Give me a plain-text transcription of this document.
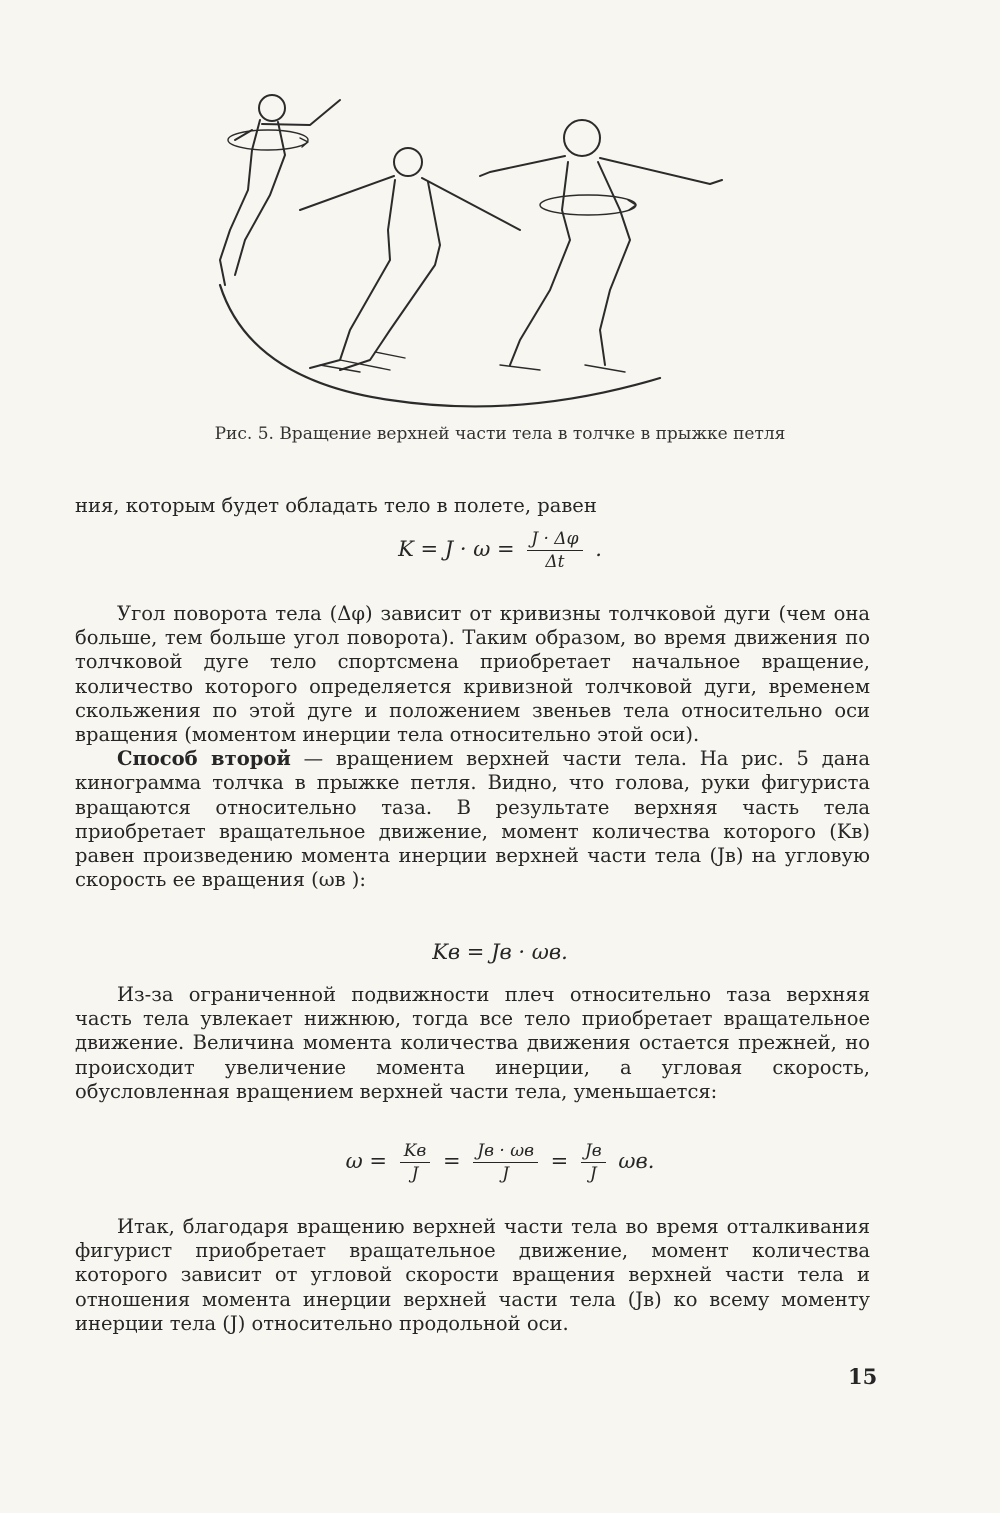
Рис. 5. Вращение верхней части тела в толчке в прыжке петля

ния, которым будет обладать тело в полете, равен

$K = J \cdot \omega = \frac{J \cdot \Delta\varphi}{\Delta t}$ .

Угол поворота тела (Δφ) зависит от кривизны толчковой дуги (чем она больше, тем больше угол поворота). Таким образом, во время движения по толчковой дуге тело спортсмена приобретает начальное вращение, количество которого определяется кривизной толчковой дуги, временем скольжения по этой дуге и положением звеньев тела относительно оси вращения (моментом инерции тела относительно этой оси).

Способ второй — вращением верхней части тела. На рис. 5 дана кинограмма толчка в прыжке петля. Видно, что голова, руки фигуриста вращаются относительно таза. В результате верхняя часть тела приобретает вращательное движение, момент количества которого (Kв) равен произведению момента инерции верхней части тела (Jв) на угловую скорость ее вращения (ωв ):

Kв = Jв · ωв.

Из-за ограниченной подвижности плеч относительно таза верхняя часть тела увлекает нижнюю, тогда все тело приобретает вращательное движение. Величина момента количества движения остается прежней, но происходит увеличение момента инерции, а угловая скорость, обусловленная вращением верхней части тела, уменьшается:

$\omega = \frac{Kв}{J} = \frac{Jв \cdot \omega в}{J} = \frac{Jв}{J} \omega в$.

Итак, благодаря вращению верхней части тела во время отталкивания фигурист приобретает вращательное движение, момент количества которого зависит от угловой скорости вращения верхней части тела и отношения момента инерции верхней части тела (Jв) ко всему моменту инерции тела (J) относительно продольной оси.

15
